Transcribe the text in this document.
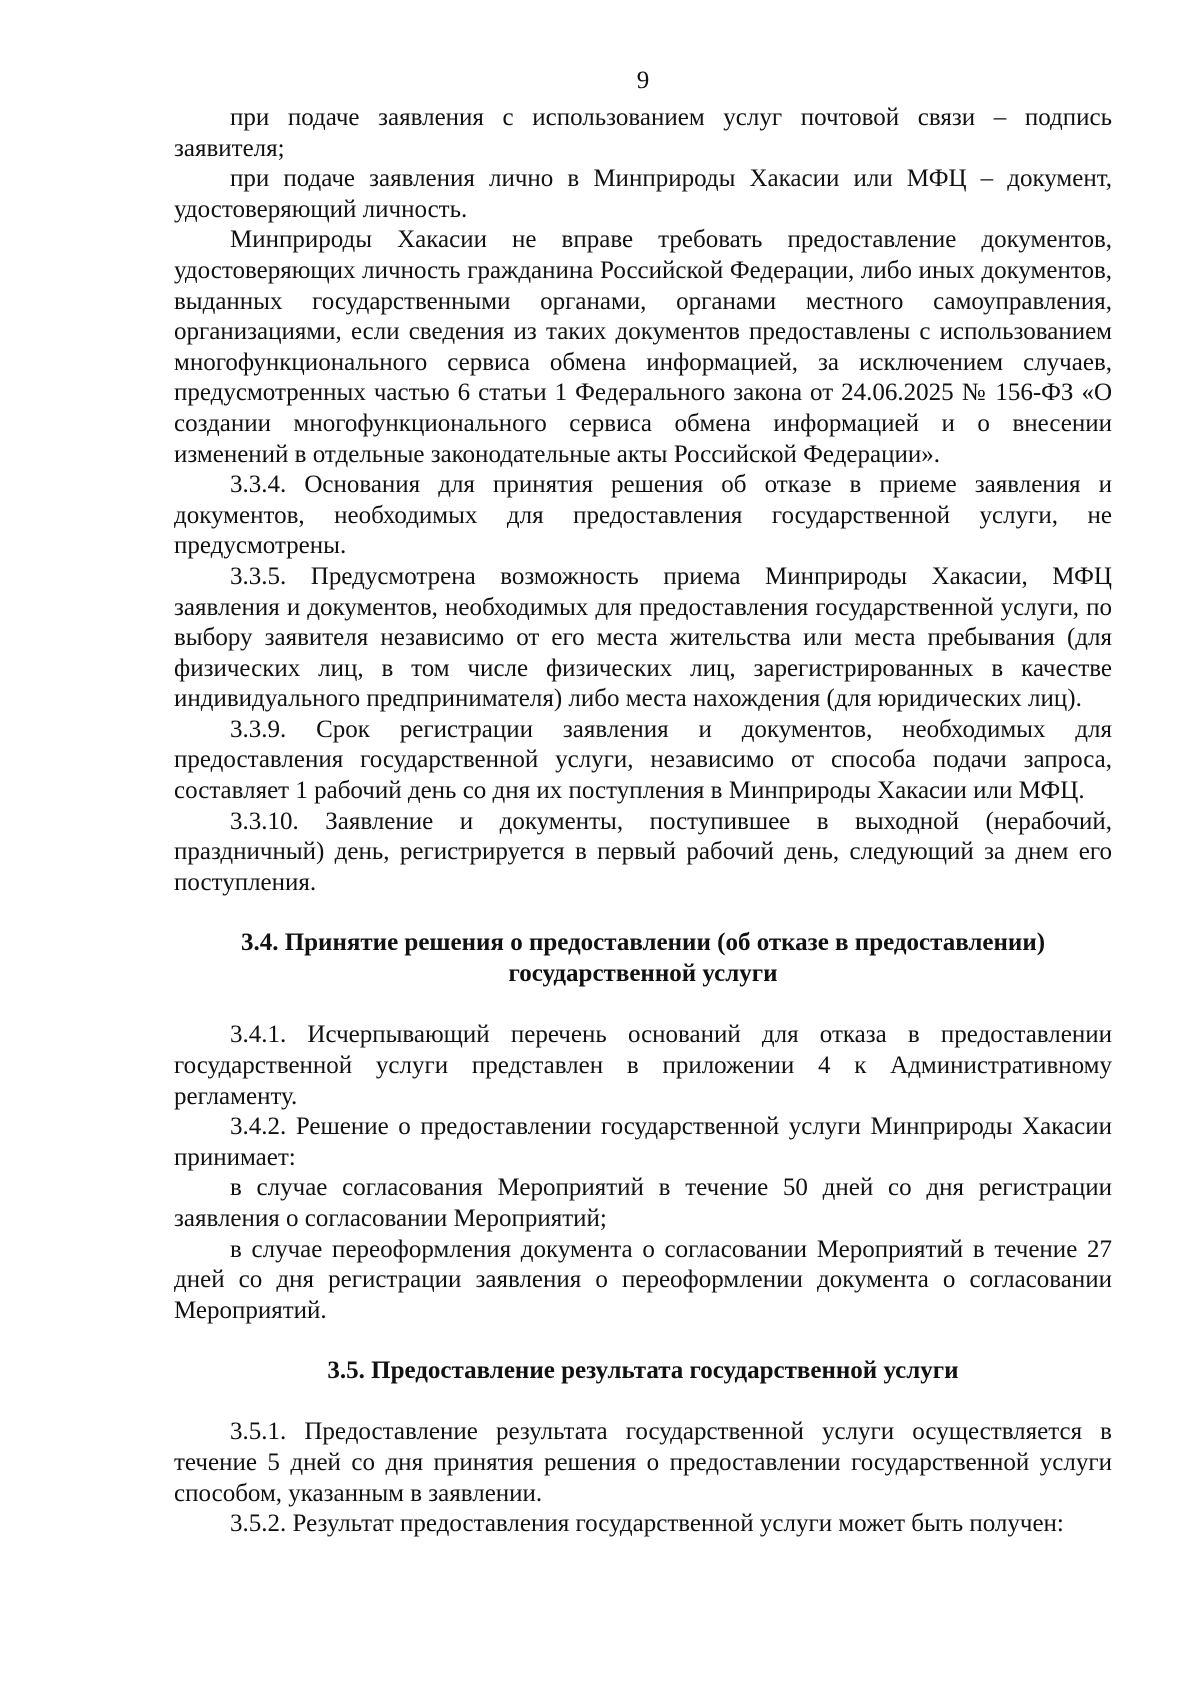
9

при подаче заявления с использованием услуг почтовой связи – подпись заявителя;

при подаче заявления лично в Минприроды Хакасии или МФЦ – документ, удостоверяющий личность.

Минприроды Хакасии не вправе требовать предоставление документов, удостоверяющих личность гражданина Российской Федерации, либо иных документов, выданных государственными органами, органами местного самоуправления, организациями, если сведения из таких документов предоставлены с использованием многофункционального сервиса обмена информацией, за исключением случаев, предусмотренных частью 6 статьи 1 Федерального закона от 24.06.2025 № 156-ФЗ «О создании многофункционального сервиса обмена информацией и о внесении изменений в отдельные законодательные акты Российской Федерации».

3.3.4. Основания для принятия решения об отказе в приеме заявления и документов, необходимых для предоставления государственной услуги, не предусмотрены.

3.3.5. Предусмотрена возможность приема Минприроды Хакасии, МФЦ заявления и документов, необходимых для предоставления государственной услуги, по выбору заявителя независимо от его места жительства или места пребывания (для физических лиц, в том числе физических лиц, зарегистрированных в качестве индивидуального предпринимателя) либо места нахождения (для юридических лиц).

3.3.9. Срок регистрации заявления и документов, необходимых для предоставления государственной услуги, независимо от способа подачи запроса, составляет 1 рабочий день со дня их поступления в Минприроды Хакасии или МФЦ.

3.3.10. Заявление и документы, поступившее в выходной (нерабочий, праздничный) день, регистрируется в первый рабочий день, следующий за днем его поступления.

3.4. Принятие решения о предоставлении (об отказе в предоставлении)
государственной услуги

3.4.1. Исчерпывающий перечень оснований для отказа в предоставлении государственной услуги представлен в приложении 4 к Административному регламенту.

3.4.2. Решение о предоставлении государственной услуги Минприроды Хакасии принимает:

в случае согласования Мероприятий в течение 50 дней со дня регистрации заявления о согласовании Мероприятий;

в случае переоформления документа о согласовании Мероприятий в течение 27 дней со дня регистрации заявления о переоформлении документа о согласовании Мероприятий.

3.5. Предоставление результата государственной услуги

3.5.1. Предоставление результата государственной услуги осуществляется в течение 5 дней со дня принятия решения о предоставлении государственной услуги способом, указанным в заявлении.

3.5.2. Результат предоставления государственной услуги может быть получен:
